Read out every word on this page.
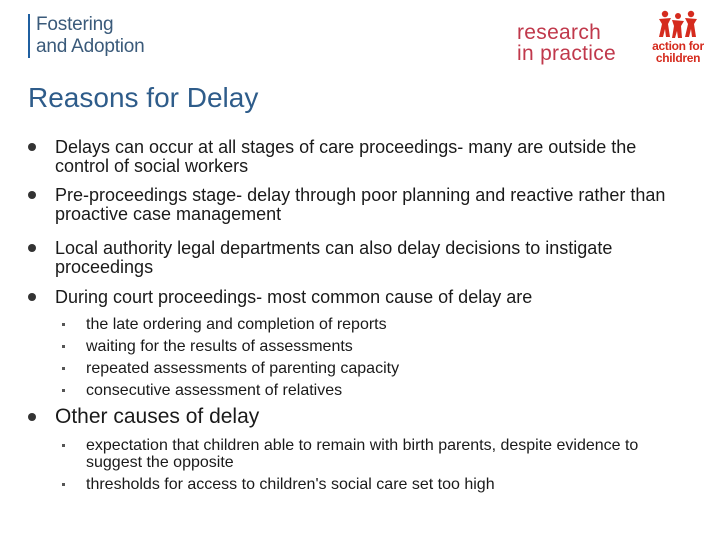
Fostering
and Adoption
research
in practice	action for
children
Reasons for Delay
Delays can occur at all stages of care proceedings- many are outside the control of social workers
Pre-proceedings stage- delay through poor planning and reactive rather than proactive case management
Local authority legal departments can also delay decisions to instigate proceedings
During court proceedings- most common cause of delay are
the late ordering and completion of reports
waiting for the results of assessments
repeated assessments of parenting capacity
consecutive assessment of relatives
Other causes of delay
expectation that children able to remain with birth parents, despite evidence to suggest the opposite
thresholds for access to children's social care set too high
